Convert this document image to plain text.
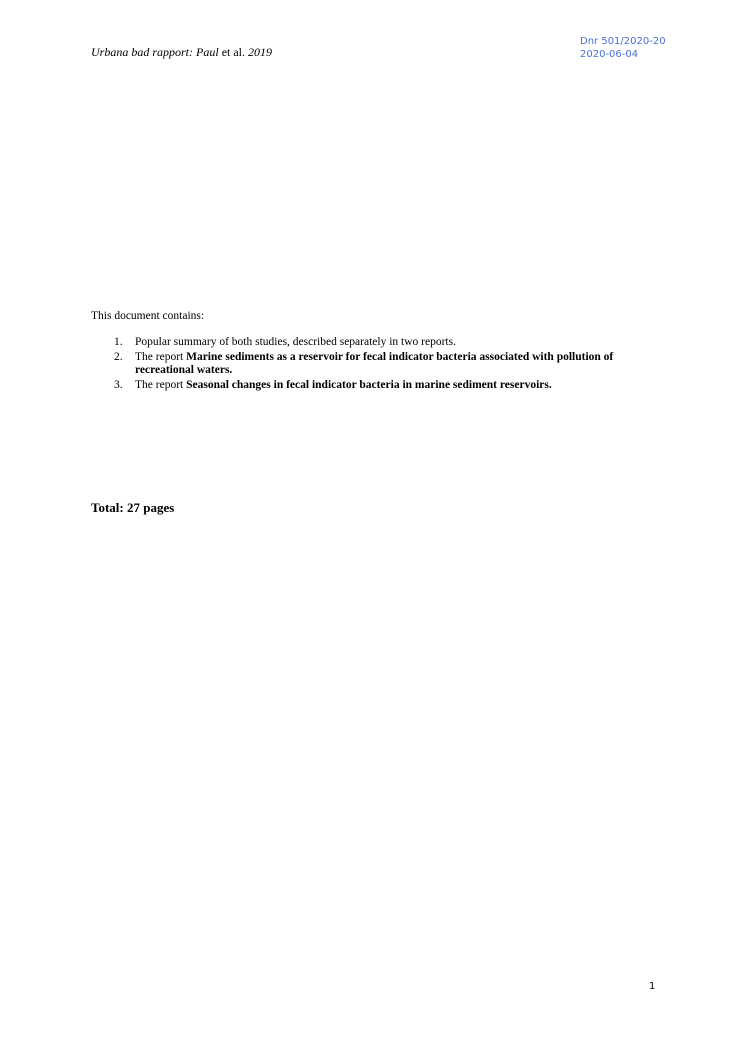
Urbana bad rapport: Paul et al. 2019
Dnr 501/2020-20
2020-06-04
This document contains:
1. Popular summary of both studies, described separately in two reports.
2. The report Marine sediments as a reservoir for fecal indicator bacteria associated with pollution of recreational waters.
3. The report Seasonal changes in fecal indicator bacteria in marine sediment reservoirs.
Total: 27 pages
1
